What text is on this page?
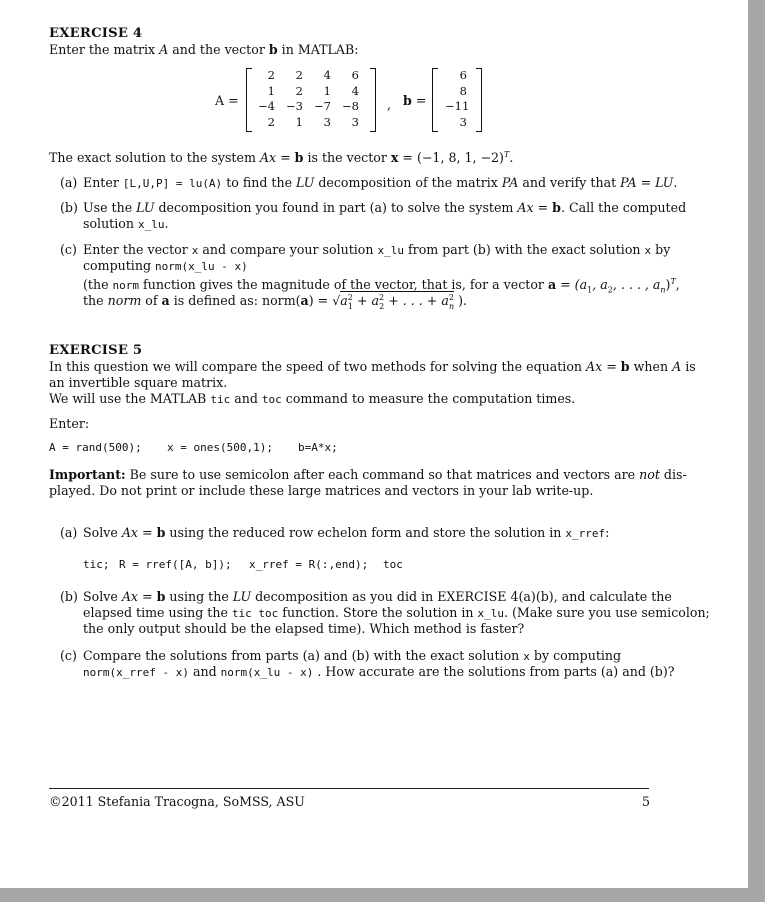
EXERCISE 4
Enter the matrix A and the vector b in MATLAB:
A =
2	2	4	6
1	2	1	4
−4 −3 −7 −8
2	1	3	3
, b =
6
8
−11
3
The exact solution to the system Ax = b is the vector x = (−1, 8, 1, −2)$^T$.
(a) Enter [L,U,P] = lu(A) to find the LU decomposition of the matrix PA and verify that PA = LU.
(b) Use the LU decomposition you found in part (a) to solve the system Ax = b. Call the computed
solution x_lu.
(c) Enter the vector x and compare your solution x_lu from part (b) with the exact solution x by
computing norm(x_lu - x)
(the norm function gives the magnitude of the vector, that is, for a vector $a = (a_1$, $a_2$, . . . , $a_n)^T$,
the norm of a is defined as: norm(a) = $√a^2_1 + a^2_2$ + . . . + $a^2_n$ ).
EXERCISE 5
In this question we will compare the speed of two methods for solving the equation Ax = b when A is
an invertible square matrix.
We will use the MATLAB tic and toc command to measure the computation times.
Enter:
A = rand(500); x = ones(500,1); b=A*x;
Important: Be sure to use semicolon after each command so that matrices and vectors are not dis-
played. Do not print or include these large matrices and vectors in your lab write-up.
(a) Solve Ax = b using the reduced row echelon form and store the solution in x_rref:
tic; R = rref([A, b]); x_rref = R(:,end); toc
(b) Solve Ax = b using the LU decomposition as you did in EXERCISE 4(a)(b), and calculate the
elapsed time using the tic toc function. Store the solution in x_lu. (Make sure you use semicolon;
the only output should be the elapsed time). Which method is faster?
(c) Compare the solutions from parts (a) and (b) with the exact solution x by computing
norm(x_rref - x) and norm(x_lu - x) . How accurate are the solutions from parts (a) and (b)?
©2011 Stefania Tracogna, SoMSS, ASU	5
